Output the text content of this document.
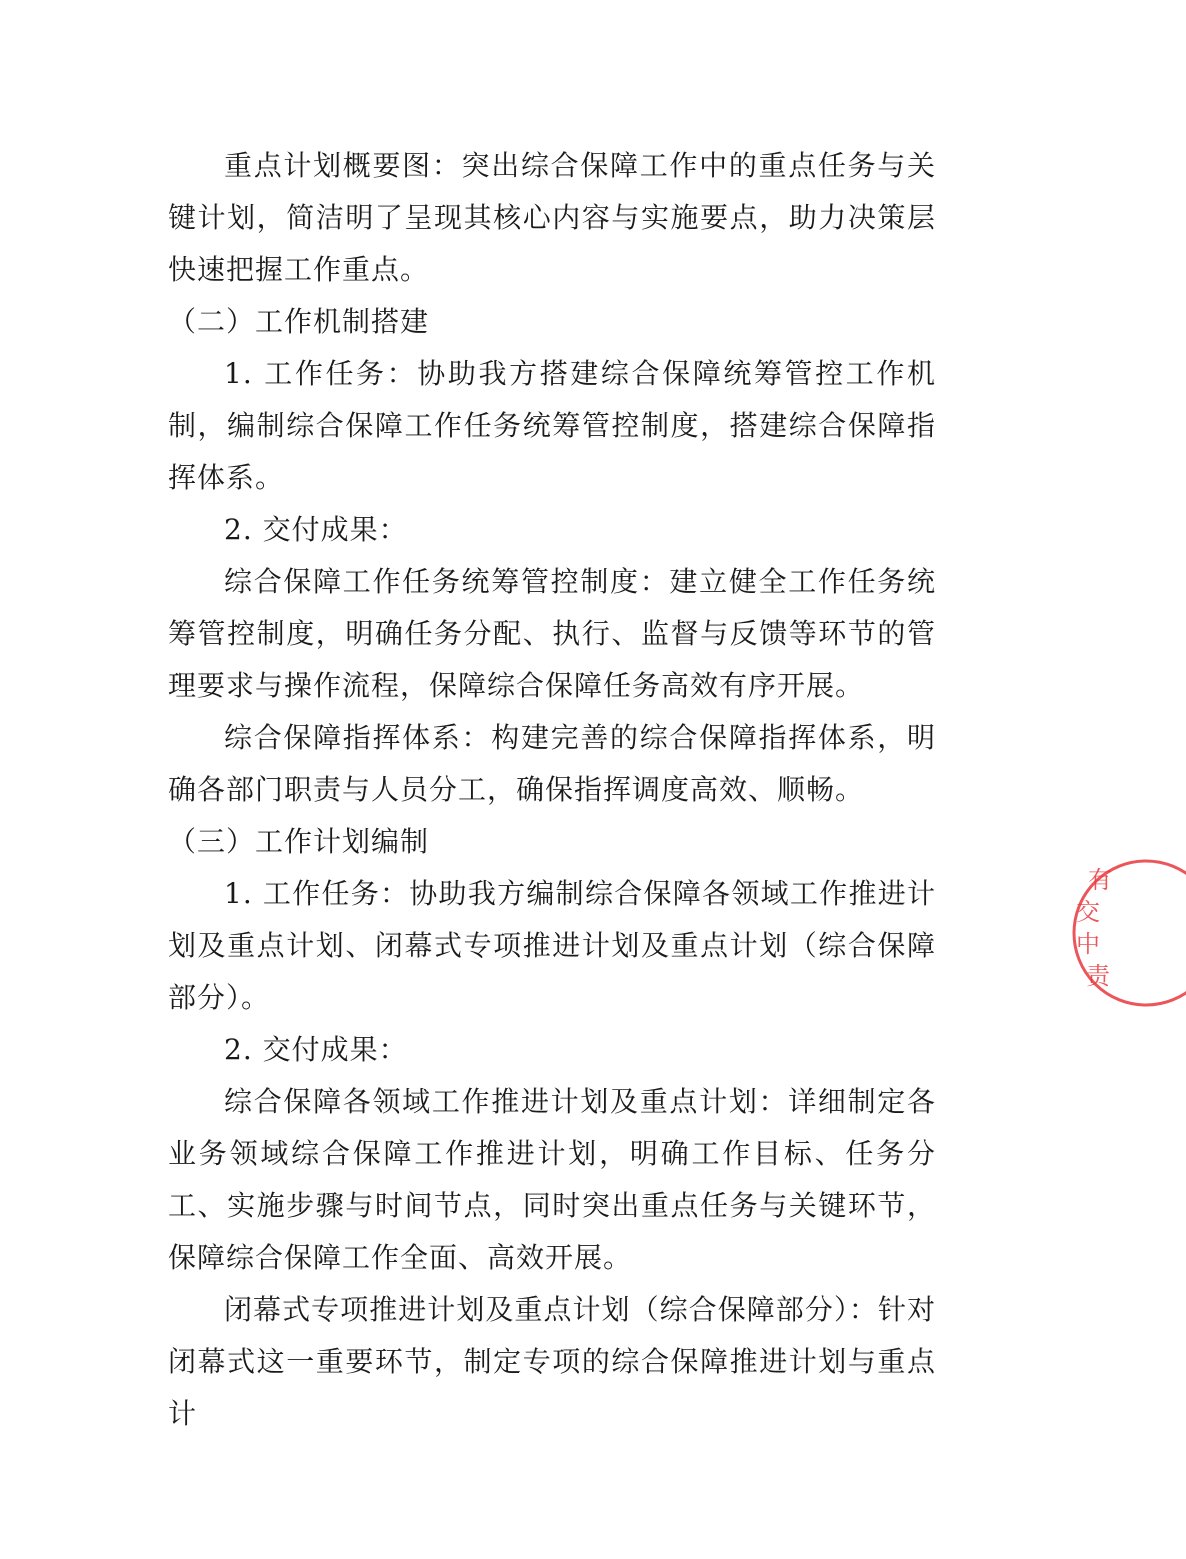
重点计划概要图：突出综合保障工作中的重点任务与关键计划，简洁明了呈现其核心内容与实施要点，助力决策层快速把握工作重点。

（二）工作机制搭建

1. 工作任务：协助我方搭建综合保障统筹管控工作机制，编制综合保障工作任务统筹管控制度，搭建综合保障指挥体系。

2. 交付成果：

综合保障工作任务统筹管控制度：建立健全工作任务统筹管控制度，明确任务分配、执行、监督与反馈等环节的管理要求与操作流程，保障综合保障任务高效有序开展。

综合保障指挥体系：构建完善的综合保障指挥体系，明确各部门职责与人员分工，确保指挥调度高效、顺畅。

（三）工作计划编制

1. 工作任务：协助我方编制综合保障各领域工作推进计划及重点计划、闭幕式专项推进计划及重点计划（综合保障部分）。

2. 交付成果：

综合保障各领域工作推进计划及重点计划：详细制定各业务领域综合保障工作推进计划，明确工作目标、任务分工、实施步骤与时间节点，同时突出重点任务与关键环节，保障综合保障工作全面、高效开展。

闭幕式专项推进计划及重点计划（综合保障部分）：针对闭幕式这一重要环节，制定专项的综合保障推进计划与重点计

有
交
中
责
